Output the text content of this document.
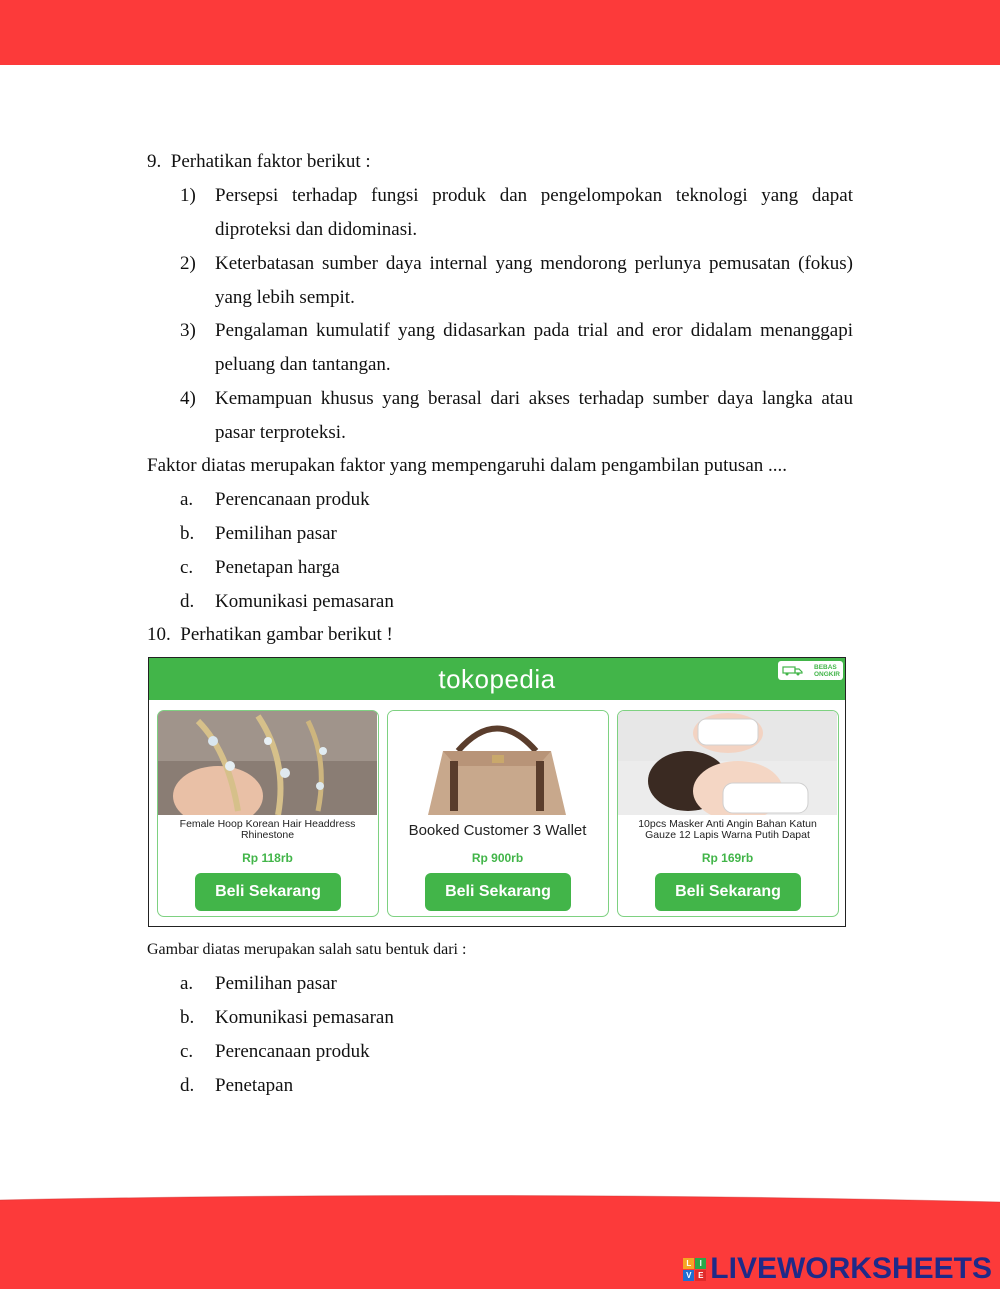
9. Perhatikan faktor berikut :
1) Persepsi terhadap fungsi produk dan pengelompokan teknologi yang dapat diproteksi dan didominasi.
2) Keterbatasan sumber daya internal yang mendorong perlunya pemusatan (fokus) yang lebih sempit.
3) Pengalaman kumulatif yang didasarkan pada trial and eror didalam menanggapi peluang dan tantangan.
4) Kemampuan khusus yang berasal dari akses terhadap sumber daya langka atau pasar terproteksi.
Faktor diatas merupakan faktor yang mempengaruhi dalam pengambilan putusan ....
a. Perencanaan produk
b. Pemilihan pasar
c. Penetapan harga
d. Komunikasi pemasaran
10. Perhatikan gambar berikut !
Gambar diatas merupakan salah satu bentuk dari :
a. Pemilihan pasar
b. Komunikasi pemasaran
c. Perencanaan produk
d. Penetapan
tokopedia	BEBAS
ONGKIR
Female Hoop Korean Hair Headdress Rhinestone
Rp 118rb
Beli Sekarang
Booked Customer 3 Wallet
Rp 900rb
Beli Sekarang
10pcs Masker Anti Angin Bahan Katun Gauze 12 Lapis Warna Putih Dapat
Rp 169rb
Beli Sekarang
L	I
V E LIVEWORKSHEETS
